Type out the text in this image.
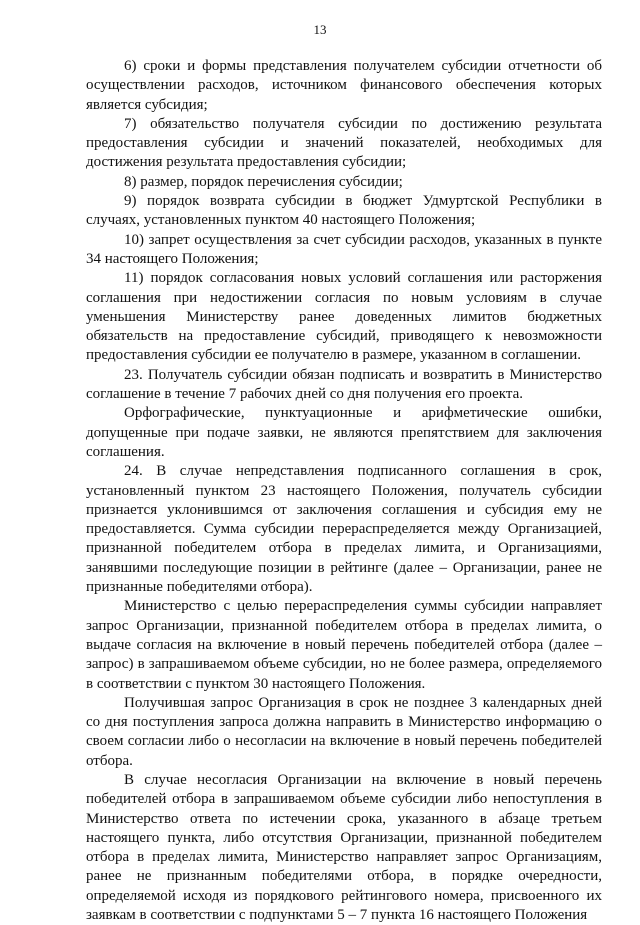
13

6) сроки и формы представления получателем субсидии отчетности об осуществлении расходов, источником финансового обеспечения которых является субсидия;

7) обязательство получателя субсидии по достижению результата предоставления субсидии и значений показателей, необходимых для достижения результата предоставления субсидии;

8) размер, порядок перечисления субсидии;

9) порядок возврата субсидии в бюджет Удмуртской Республики в случаях, установленных пунктом 40 настоящего Положения;

10) запрет осуществления за счет субсидии расходов, указанных в пункте 34 настоящего Положения;

11) порядок согласования новых условий соглашения или расторжения соглашения при недостижении согласия по новым условиям в случае уменьшения Министерству ранее доведенных лимитов бюджетных обязательств на предоставление субсидий, приводящего к невозможности предоставления субсидии ее получателю в размере, указанном в соглашении.

23. Получатель субсидии обязан подписать и возвратить в Министерство соглашение в течение 7 рабочих дней со дня получения его проекта.

Орфографические, пунктуационные и арифметические ошибки, допущенные при подаче заявки, не являются препятствием для заключения соглашения.

24. В случае непредставления подписанного соглашения в срок, установленный пунктом 23 настоящего Положения, получатель субсидии признается уклонившимся от заключения соглашения и субсидия ему не предоставляется. Сумма субсидии перераспределяется между Организацией, признанной победителем отбора в пределах лимита, и Организациями, занявшими последующие позиции в рейтинге (далее – Организации, ранее не признанные победителями отбора).

Министерство с целью перераспределения суммы субсидии направляет запрос Организации, признанной победителем отбора в пределах лимита, о выдаче согласия на включение в новый перечень победителей отбора (далее – запрос) в запрашиваемом объеме субсидии, но не более размера, определяемого в соответствии с пунктом 30 настоящего Положения.

Получившая запрос Организация в срок не позднее 3 календарных дней со дня поступления запроса должна направить в Министерство информацию о своем согласии либо о несогласии на включение в новый перечень победителей отбора.

В случае несогласия Организации на включение в новый перечень победителей отбора в запрашиваемом объеме субсидии либо непоступления в Министерство ответа по истечении срока, указанного в абзаце третьем настоящего пункта, либо отсутствия Организации, признанной победителем отбора в пределах лимита, Министерство направляет запрос Организациям, ранее не признанным победителями отбора, в порядке очередности, определяемой исходя из порядкового рейтингового номера, присвоенного их заявкам в соответствии с подпунктами 5 – 7 пункта 16 настоящего Положения
